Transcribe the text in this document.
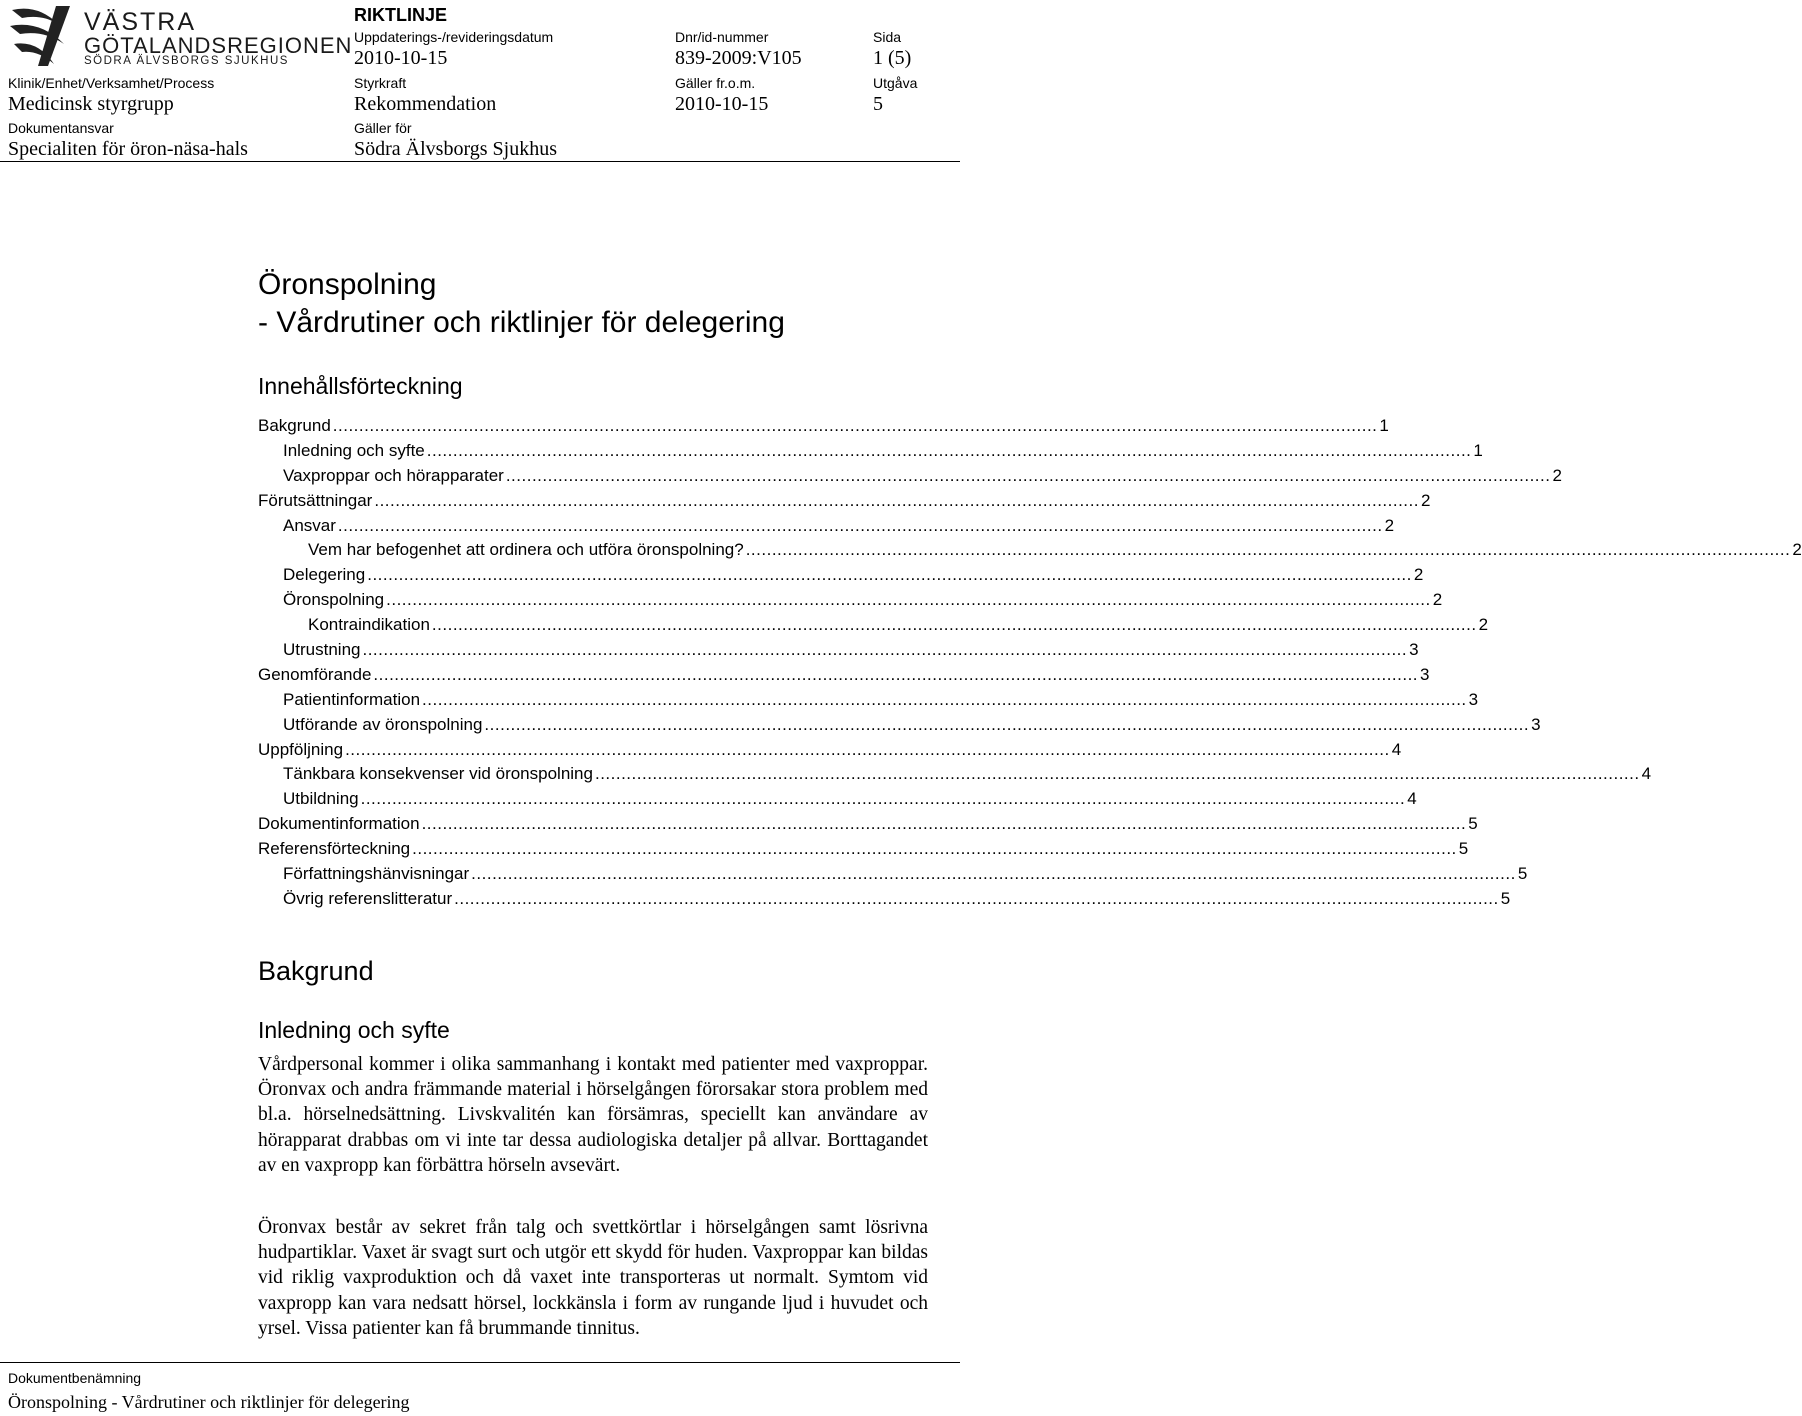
VÄSTRA
GÖTALANDSREGIONEN
SÖDRA ÄLVSBORGS SJUKHUS
RIKTLINJE
Uppdaterings-/revideringsdatum
2010-10-15
Dnr/id-nummer
839-2009:V105
Sida
1 (5)
Klinik/Enhet/Verksamhet/Process
Medicinsk styrgrupp
Styrkraft
Rekommendation
Gäller fr.o.m.
2010-10-15
Utgåva
5
Dokumentansvar
Specialiten för öron-näsa-hals
Gäller för
Södra Älvsborgs Sjukhus
Öronspolning
- Vårdrutiner och riktlinjer för delegering
Innehållsförteckning
Bakgrund ........................................................................................................................................................................................................ 1
Inledning och syfte ........................................................................................................................................................................................................ 1
Vaxproppar och hörapparater ........................................................................................................................................................................................................ 2
Förutsättningar ........................................................................................................................................................................................................ 2
Ansvar ........................................................................................................................................................................................................ 2
Vem har befogenhet att ordinera och utföra öronspolning? ........................................................................................................................................................................................................ 2
Delegering ........................................................................................................................................................................................................ 2
Öronspolning ........................................................................................................................................................................................................ 2
Kontraindikation ........................................................................................................................................................................................................ 2
Utrustning ........................................................................................................................................................................................................ 3
Genomförande ........................................................................................................................................................................................................ 3
Patientinformation ........................................................................................................................................................................................................ 3
Utförande av öronspolning ........................................................................................................................................................................................................ 3
Uppföljning ........................................................................................................................................................................................................ 4
Tänkbara konsekvenser vid öronspolning ........................................................................................................................................................................................................ 4
Utbildning ........................................................................................................................................................................................................ 4
Dokumentinformation ........................................................................................................................................................................................................ 5
Referensförteckning ........................................................................................................................................................................................................ 5
Författningshänvisningar ........................................................................................................................................................................................................ 5
Övrig referenslitteratur ........................................................................................................................................................................................................ 5
Bakgrund
Inledning och syfte

Vårdpersonal kommer i olika sammanhang i kontakt med patienter med vaxproppar. Öronvax och andra främmande material i hörselgången förorsakar stora problem med bl.a. hörselnedsättning. Livskvalitén kan försämras, speciellt kan användare av hörapparat drabbas om vi inte tar dessa audiologiska detaljer på allvar. Borttagandet av en vaxpropp kan förbättra hörseln avsevärt.

Öronvax består av sekret från talg och svettkörtlar i hörselgången samt lösrivna hudpartiklar. Vaxet är svagt surt och utgör ett skydd för huden. Vaxproppar kan bildas vid riklig vaxproduktion och då vaxet inte transporteras ut normalt. Symtom vid vaxpropp kan vara nedsatt hörsel, lockkänsla i form av rungande ljud i huvudet och yrsel. Vissa patienter kan få brummande tinnitus.

Dokumentbenämning
Öronspolning - Vårdrutiner och riktlinjer för delegering
